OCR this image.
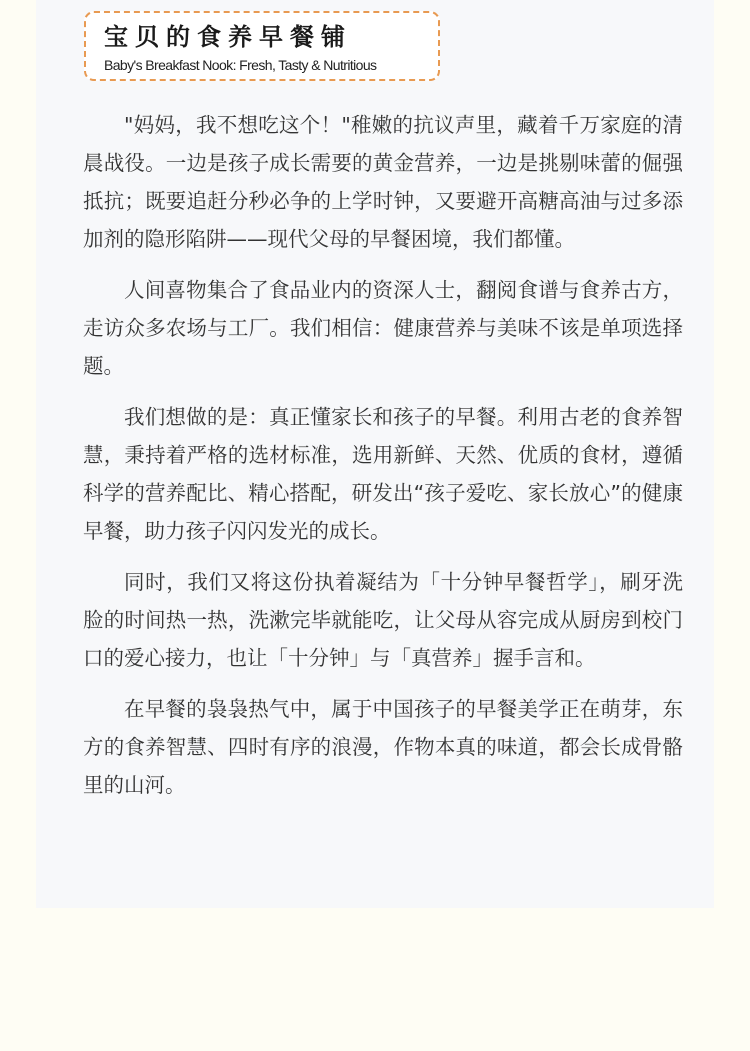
宝贝的食养早餐铺
Baby's Breakfast Nook: Fresh, Tasty & Nutritious

"妈妈，我不想吃这个！"稚嫩的抗议声里，藏着千万家庭的清晨战役。一边是孩子成长需要的黄金营养，一边是挑剔味蕾的倔强抵抗；既要追赶分秒必争的上学时钟，又要避开高糖高油与过多添加剂的隐形陷阱——现代父母的早餐困境，我们都懂。

人间喜物集合了食品业内的资深人士，翻阅食谱与食养古方，走访众多农场与工厂。我们相信：健康营养与美味不该是单项选择题。

我们想做的是：真正懂家长和孩子的早餐。利用古老的食养智慧，秉持着严格的选材标准，选用新鲜、天然、优质的食材，遵循科学的营养配比、精心搭配，研发出“孩子爱吃、家长放心”的健康早餐，助力孩子闪闪发光的成长。

同时，我们又将这份执着凝结为「十分钟早餐哲学」，刷牙洗脸的时间热一热，洗漱完毕就能吃，让父母从容完成从厨房到校门口的爱心接力，也让「十分钟」与「真营养」握手言和。

在早餐的袅袅热气中，属于中国孩子的早餐美学正在萌芽，东方的食养智慧、四时有序的浪漫，作物本真的味道，都会长成骨骼里的山河。
